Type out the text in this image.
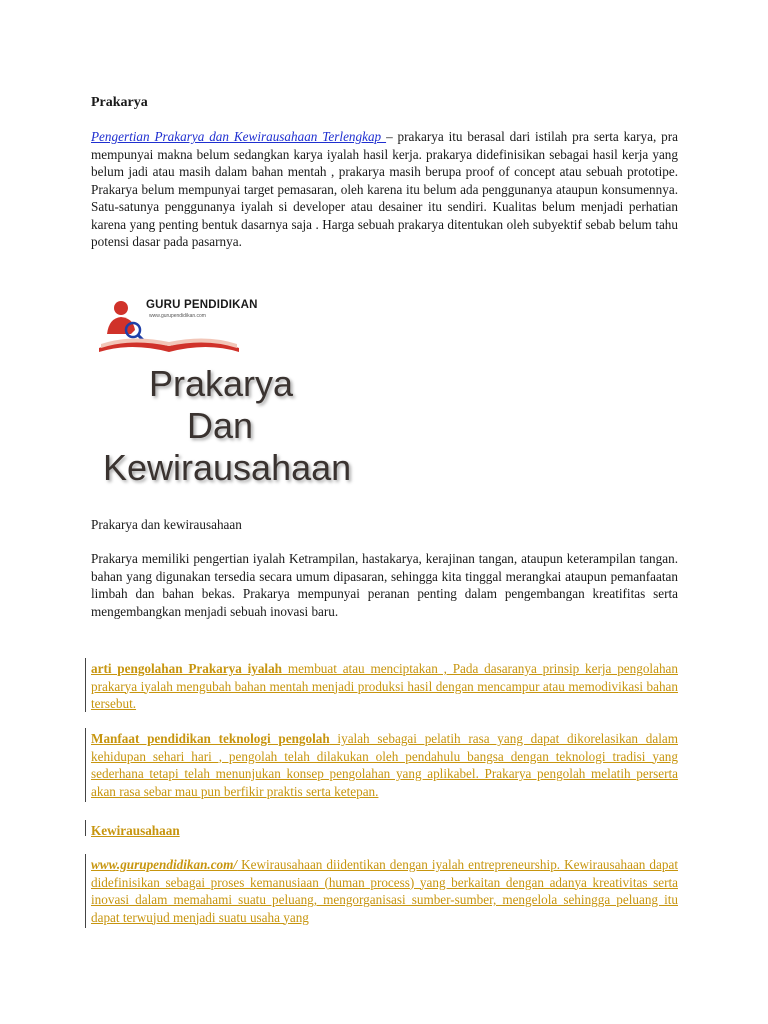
Prakarya
Pengertian Prakarya dan Kewirausahaan Terlengkap – prakarya itu berasal dari istilah pra serta karya, pra mempunyai makna belum sedangkan karya iyalah hasil kerja. prakarya didefinisikan sebagai hasil kerja yang belum jadi atau masih dalam bahan mentah , prakarya masih berupa proof of concept atau sebuah prototipe. Prakarya belum mempunyai target pemasaran, oleh karena itu belum ada penggunanya ataupun konsumennya. Satu-satunya penggunanya iyalah si developer atau desainer itu sendiri. Kualitas belum menjadi perhatian karena yang penting bentuk dasarnya saja . Harga sebuah prakarya ditentukan oleh subyektif sebab belum tahu potensi dasar pada pasarnya.
GURU PENDIDIKAN
www.gurupendidikan.com
Prakarya
Dan
Kewirausahaan
Prakarya dan kewirausahaan
Prakarya memiliki pengertian iyalah Ketrampilan, hastakarya, kerajinan tangan, ataupun keterampilan tangan. bahan yang digunakan tersedia secara umum dipasaran, sehingga kita tinggal merangkai ataupun pemanfaatan limbah dan bahan bekas. Prakarya mempunyai peranan penting dalam pengembangan kreatifitas serta mengembangkan menjadi sebuah inovasi baru.
arti pengolahan Prakarya iyalah membuat atau menciptakan , Pada dasaranya prinsip kerja pengolahan prakarya iyalah mengubah bahan mentah menjadi produksi hasil dengan mencampur atau memodivikasi bahan tersebut.
Manfaat pendidikan teknologi pengolah iyalah sebagai pelatih rasa yang dapat dikorelasikan dalam kehidupan sehari hari , pengolah telah dilakukan oleh pendahulu bangsa dengan teknologi tradisi yang sederhana tetapi telah menunjukan konsep pengolahan yang aplikabel. Prakarya pengolah melatih perserta akan rasa sebar mau pun berfikir praktis serta ketepan.
Kewirausahaan
www.gurupendidikan.com/ Kewirausahaan diidentikan dengan iyalah entrepreneurship. Kewirausahaan dapat didefinisikan sebagai proses kemanusiaan (human process) yang berkaitan dengan adanya kreativitas serta inovasi dalam memahami suatu peluang, mengorganisasi sumber-sumber, mengelola sehingga peluang itu dapat terwujud menjadi suatu usaha yang
